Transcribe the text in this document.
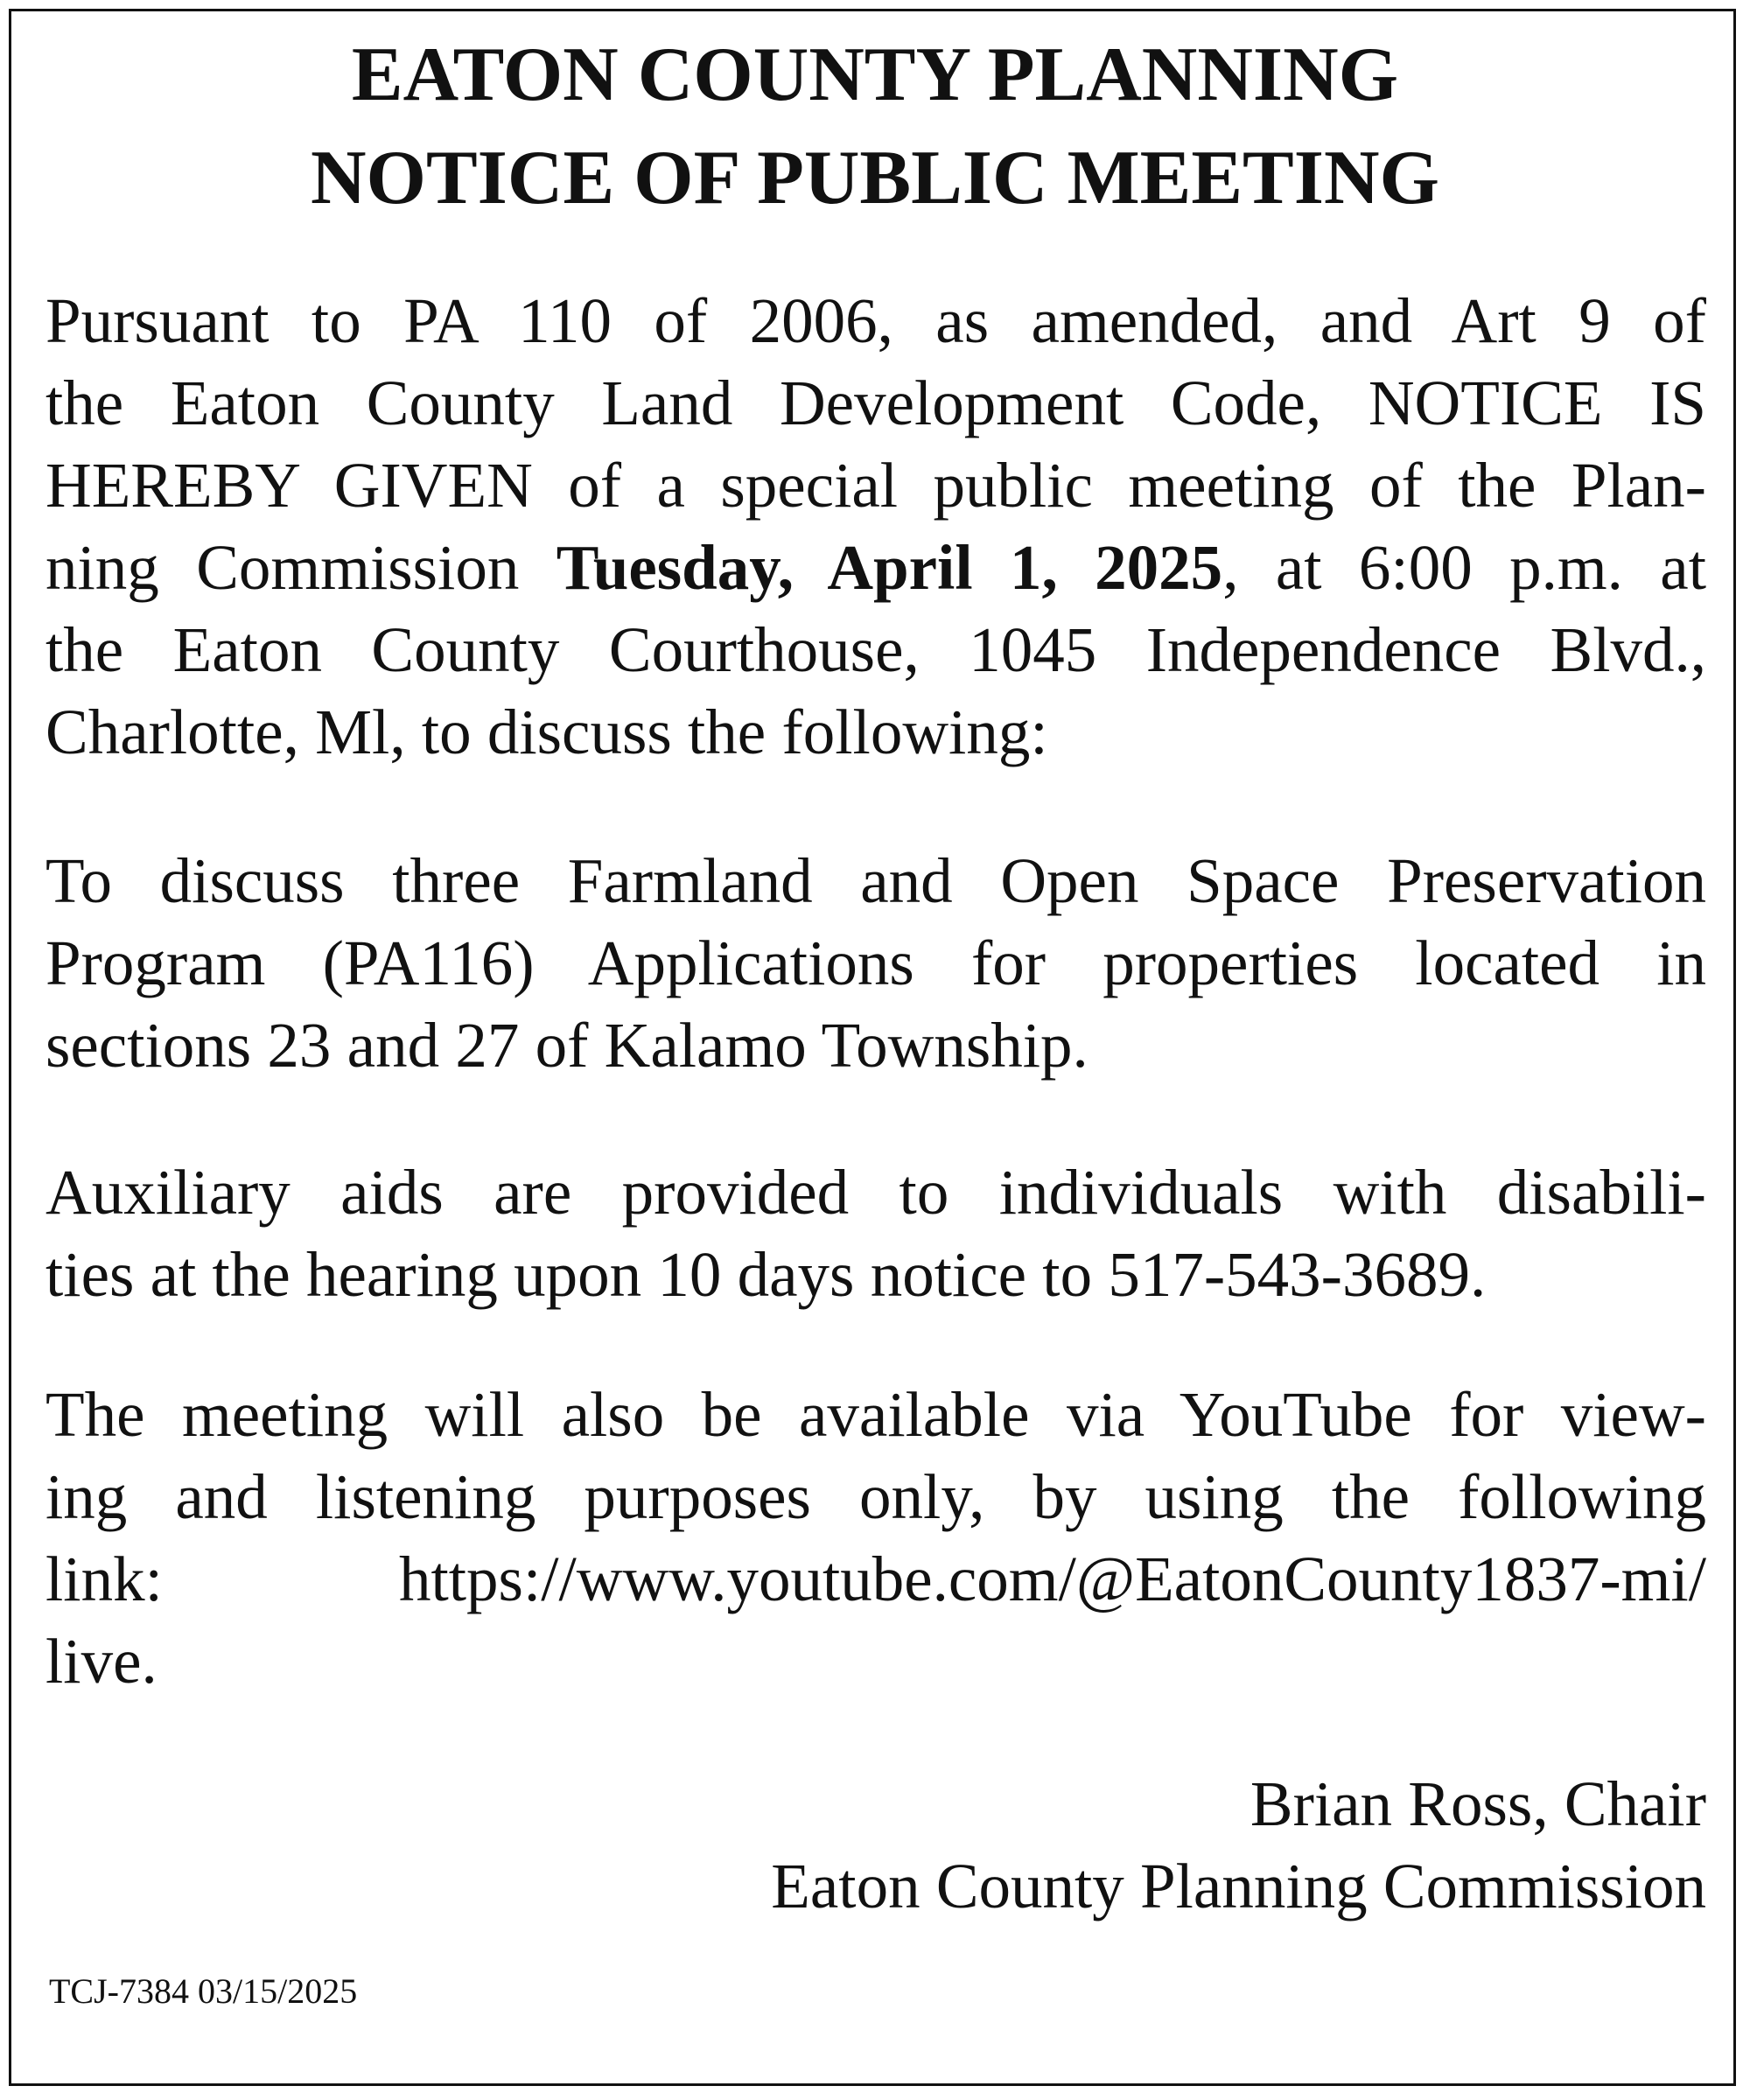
EATON COUNTY PLANNING
NOTICE OF PUBLIC MEETING
Pursuant to PA 110 of 2006, as amended, and Art 9 of
the Eaton County Land Development Code, NOTICE IS
HEREBY GIVEN of a special public meeting of the Plan-
ning Commission Tuesday, April 1, 2025, at 6:00 p.m. at
the Eaton County Courthouse, 1045 Independence Blvd.,
Charlotte, Ml, to discuss the following:
To discuss three Farmland and Open Space Preservation
Program (PA116) Applications for properties located in
sections 23 and 27 of Kalamo Township.
Auxiliary aids are provided to individuals with disabili-
ties at the hearing upon 10 days notice to 517-543-3689.
The meeting will also be available via YouTube for view-
ing and listening purposes only, by using the following
link: https://www.youtube.com/@EatonCounty1837-mi/
live.
Brian Ross, Chair
Eaton County Planning Commission
TCJ-7384 03/15/2025
